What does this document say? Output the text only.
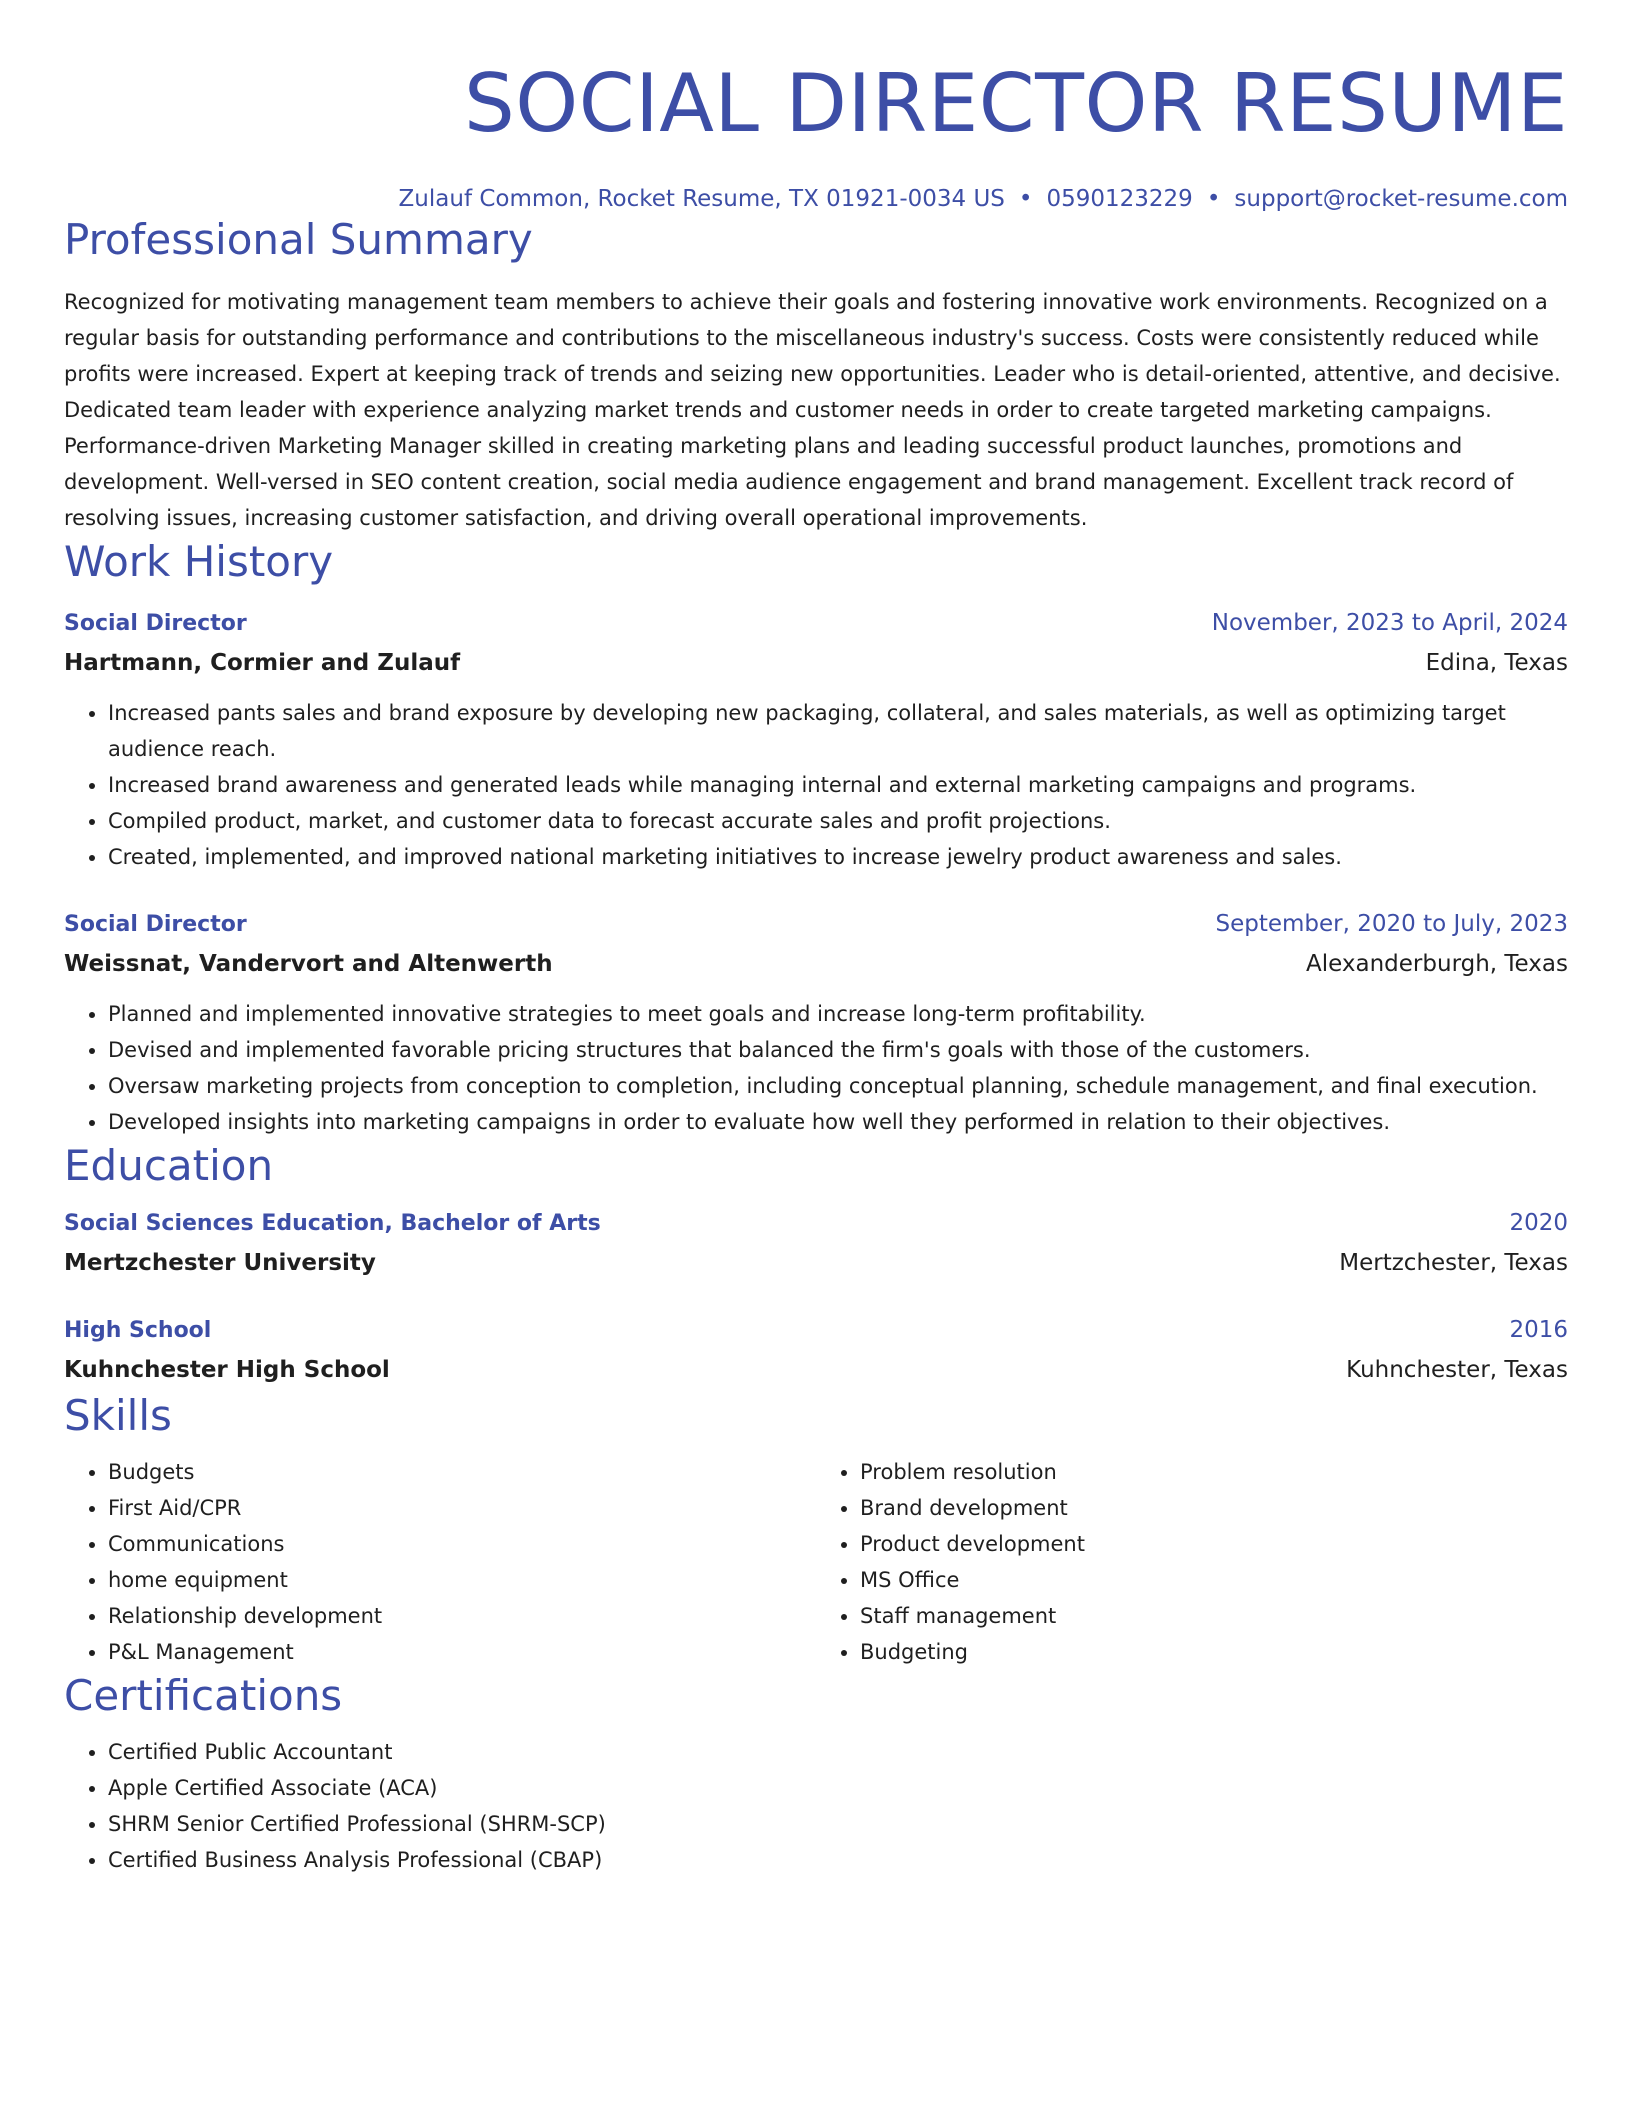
SOCIAL DIRECTOR RESUME
Zulauf Common, Rocket Resume, TX 01921-0034 US • 0590123229 • support@rocket-resume.com
Professional Summary
Recognized for motivating management team members to achieve their goals and fostering innovative work environments. Recognized on a regular basis for outstanding performance and contributions to the miscellaneous industry's success. Costs were consistently reduced while profits were increased. Expert at keeping track of trends and seizing new opportunities. Leader who is detail-oriented, attentive, and decisive. Dedicated team leader with experience analyzing market trends and customer needs in order to create targeted marketing campaigns. Performance-driven Marketing Manager skilled in creating marketing plans and leading successful product launches, promotions and development. Well-versed in SEO content creation, social media audience engagement and brand management. Excellent track record of resolving issues, increasing customer satisfaction, and driving overall operational improvements.
Work History
Social Director	November, 2023 to April, 2024
Hartmann, Cormier and Zulauf	Edina, Texas
• Increased pants sales and brand exposure by developing new packaging, collateral, and sales materials, as well as optimizing target audience reach.
• Increased brand awareness and generated leads while managing internal and external marketing campaigns and programs.
• Compiled product, market, and customer data to forecast accurate sales and profit projections.
• Created, implemented, and improved national marketing initiatives to increase jewelry product awareness and sales.
Social Director	September, 2020 to July, 2023
Weissnat, Vandervort and Altenwerth	Alexanderburgh, Texas
• Planned and implemented innovative strategies to meet goals and increase long-term profitability.
• Devised and implemented favorable pricing structures that balanced the firm's goals with those of the customers.
• Oversaw marketing projects from conception to completion, including conceptual planning, schedule management, and final execution.
• Developed insights into marketing campaigns in order to evaluate how well they performed in relation to their objectives.
Education
Social Sciences Education, Bachelor of Arts	2020
Mertzchester University	Mertzchester, Texas
High School	2016
Kuhnchester High School	Kuhnchester, Texas
Skills
• Budgets
• First Aid/CPR
• Communications
• home equipment
• Relationship development
• P&L Management
• Problem resolution
• Brand development
• Product development
• MS Office
• Staff management
• Budgeting
Certifications
• Certified Public Accountant
• Apple Certified Associate (ACA)
• SHRM Senior Certified Professional (SHRM-SCP)
• Certified Business Analysis Professional (CBAP)
